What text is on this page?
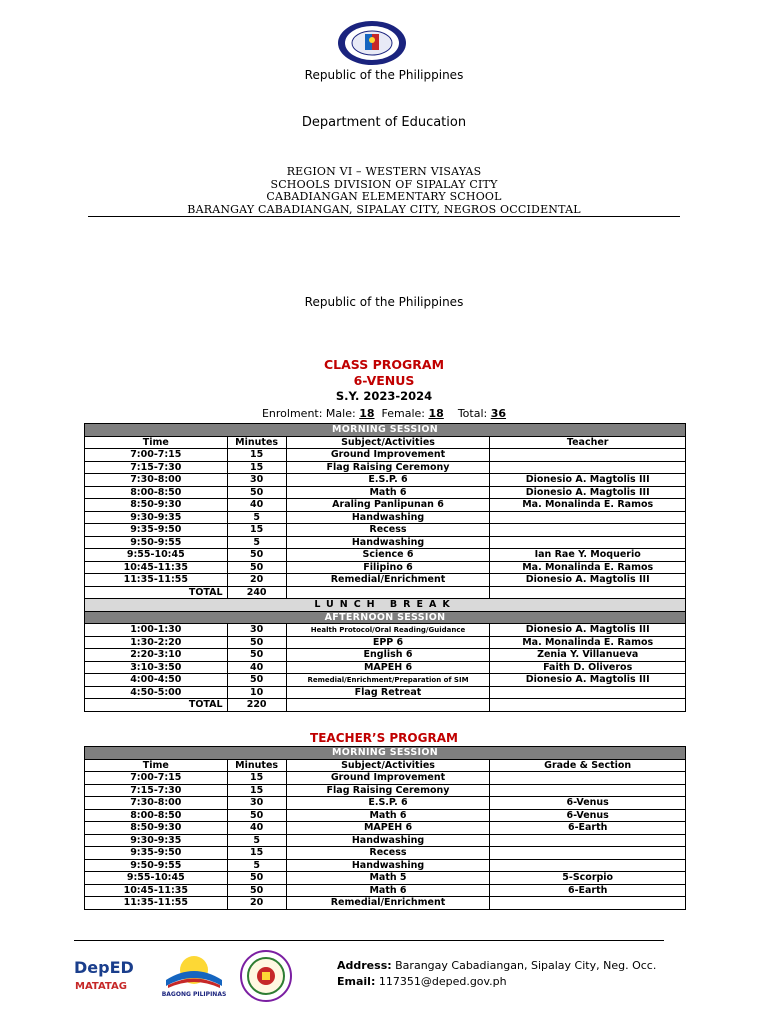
Republic of the Philippines
Department of Education
REGION VI – WESTERN VISAYAS
SCHOOLS DIVISION OF SIPALAY CITY
CABADIANGAN ELEMENTARY SCHOOL
BARANGAY CABADIANGAN, SIPALAY CITY, NEGROS OCCIDENTAL
Republic of the Philippines
CLASS PROGRAM
6-VENUS
S.Y. 2023-2024
Enrolment: Male: 18 Female: 18 Total: 36
MORNING SESSION			
Time	Minutes	Subject/Activities	Teacher
7:00-7:15	15	Ground Improvement	
7:15-7:30	15	Flag Raising Ceremony	
7:30-8:00	30	E.S.P. 6	Dionesio A. Magtolis III
8:00-8:50	50	Math 6	Dionesio A. Magtolis III
8:50-9:30	40	Araling Panlipunan 6	Ma. Monalinda E. Ramos
9:30-9:35	5	Handwashing	
9:35-9:50	15	Recess	
9:50-9:55	5	Handwashing	
9:55-10:45	50	Science 6	Ian Rae Y. Moquerio
10:45-11:35	50	Filipino 6	Ma. Monalinda E. Ramos
11:35-11:55	20	Remedial/Enrichment	Dionesio A. Magtolis III
TOTAL	240		
LUNCH BREAK			
AFTERNOON SESSION			
1:00-1:30	30	Health Protocol/Oral Reading/Guidance	Dionesio A. Magtolis III
1:30-2:20	50	EPP 6	Ma. Monalinda E. Ramos
2:20-3:10	50	English 6	Zenia Y. Villanueva
3:10-3:50	40	MAPEH 6	Faith D. Oliveros
4:00-4:50	50	Remedial/Enrichment/Preparation of SIM	Dionesio A. Magtolis III
4:50-5:00	10	Flag Retreat	
TOTAL	220		
TEACHER’S PROGRAM
MORNING SESSION			
Time	Minutes	Subject/Activities	Grade & Section
7:00-7:15	15	Ground Improvement	
7:15-7:30	15	Flag Raising Ceremony	
7:30-8:00	30	E.S.P. 6	6-Venus
8:00-8:50	50	Math 6	6-Venus
8:50-9:30	40	MAPEH 6	6-Earth
9:30-9:35	5	Handwashing	
9:35-9:50	15	Recess	
9:50-9:55	5	Handwashing	
9:55-10:45	50	Math 5	5-Scorpio
10:45-11:35	50	Math 6	6-Earth
11:35-11:55	20	Remedial/Enrichment	
DepED
MATATAG
BAGONG PILIPINAS
Address: Barangay Cabadiangan, Sipalay City, Neg. Occ.
Email: 117351@deped.gov.ph
